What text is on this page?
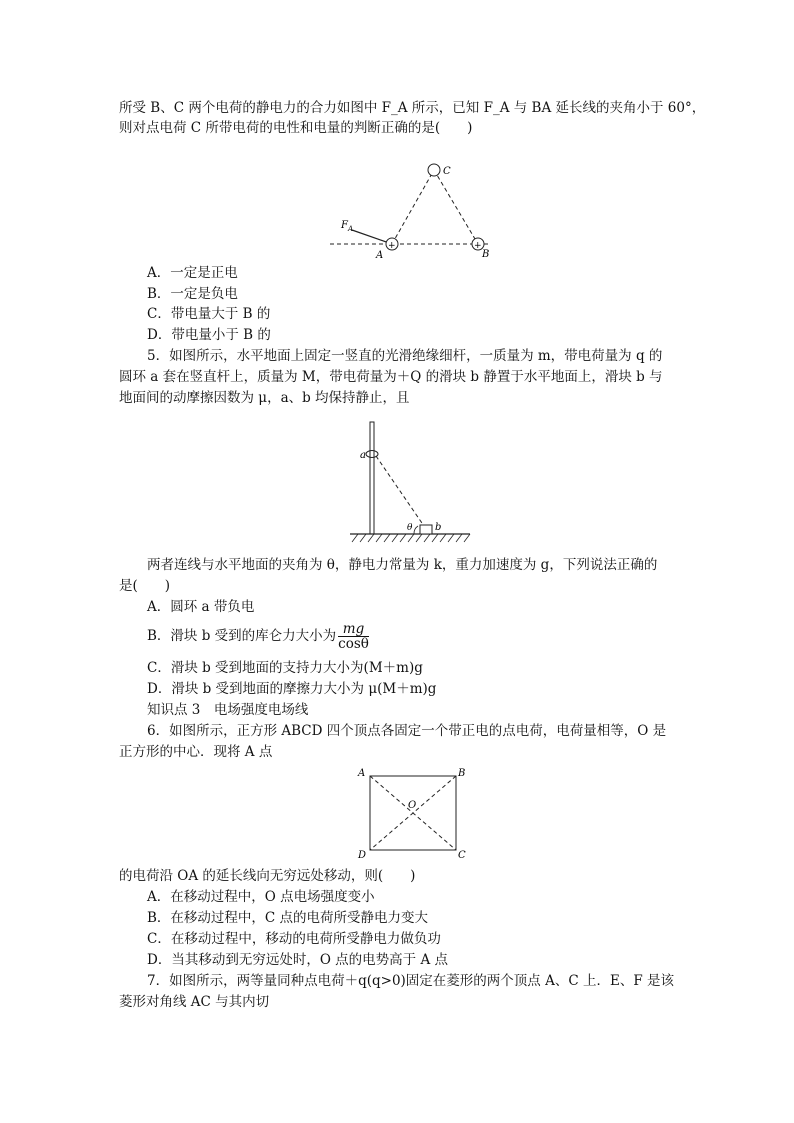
所受 B、C 两个电荷的静电力的合力如图中 F_A 所示，已知 F_A 与 BA 延长线的夹角小于 60°，
则对点电荷 C 所带电荷的电性和电量的判断正确的是(　　)
+	+
C
A	B
F A
A．一定是正电
B．一定是负电
C．带电量大于 B 的
D．带电量小于 B 的
5．如图所示，水平地面上固定一竖直的光滑绝缘细杆，一质量为 m，带电荷量为 q 的
圆环 a 套在竖直杆上，质量为 M，带电荷量为＋Q 的滑块 b 静置于水平地面上，滑块 b 与
地面间的动摩擦因数为 μ，a、b 均保持静止，且
a
b
θ
两者连线与水平地面的夹角为 θ，静电力常量为 k，重力加速度为 g，下列说法正确的
是(　　)
A．圆环 a 带负电
B．滑块 b 受到的库仑力大小为 $\frac{mg}{\cos\theta}$
C．滑块 b 受到地面的支持力大小为(M＋m)g
D．滑块 b 受到地面的摩擦力大小为 μ(M＋m)g
知识点 3　电场强度电场线
6．如图所示，正方形 ABCD 四个顶点各固定一个带正电的点电荷，电荷量相等，O 是
正方形的中心．现将 A 点
A	B
C
D
O
的电荷沿 OA 的延长线向无穷远处移动，则(　　)
A．在移动过程中，O 点电场强度变小
B．在移动过程中，C 点的电荷所受静电力变大
C．在移动过程中，移动的电荷所受静电力做负功
D．当其移动到无穷远处时，O 点的电势高于 A 点
7．如图所示，两等量同种点电荷＋q(q>0)固定在菱形的两个顶点 A、C 上．E、F 是该
菱形对角线 AC 与其内切
